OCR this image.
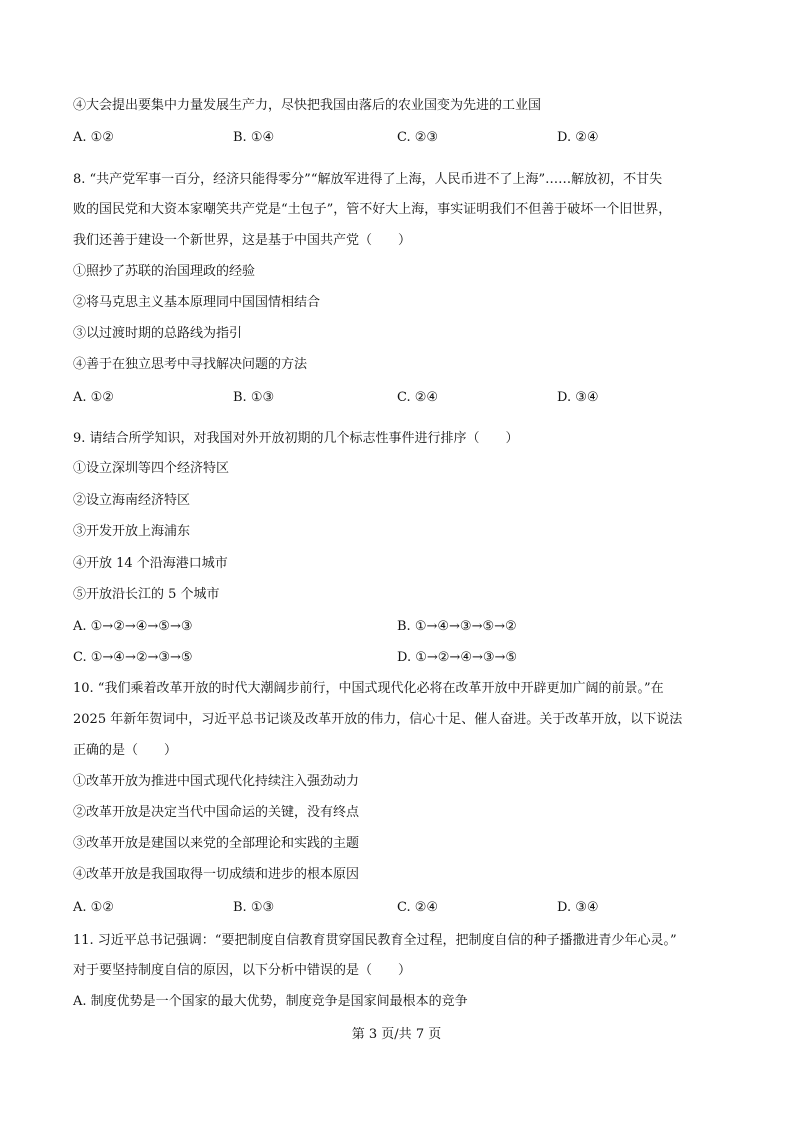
④大会提出要集中力量发展生产力，尽快把我国由落后的农业国变为先进的工业国
A. ①②	B. ①④	C. ②③	D. ②④
8. “共产党军事一百分，经济只能得零分”“解放军进得了上海，人民币进不了上海”……解放初，不甘失
败的国民党和大资本家嘲笑共产党是“土包子”，管不好大上海，事实证明我们不但善于破坏一个旧世界，
我们还善于建设一个新世界，这是基于中国共产党（　　）
①照抄了苏联的治国理政的经验
②将马克思主义基本原理同中国国情相结合
③以过渡时期的总路线为指引
④善于在独立思考中寻找解决问题的方法
A. ①②	B. ①③	C. ②④	D. ③④
9. 请结合所学知识，对我国对外开放初期的几个标志性事件进行排序（　　）
①设立深圳等四个经济特区
②设立海南经济特区
③开发开放上海浦东
④开放 14 个沿海港口城市
⑤开放沿长江的 5 个城市
A. ①→②→④→⑤→③	B. ①→④→③→⑤→②
C. ①→④→②→③→⑤	D. ①→②→④→③→⑤
10. “我们乘着改革开放的时代大潮阔步前行，中国式现代化必将在改革开放中开辟更加广阔的前景。”在
2025 年新年贺词中，习近平总书记谈及改革开放的伟力，信心十足、催人奋进。关于改革开放，以下说法
正确的是（　　）
①改革开放为推进中国式现代化持续注入强劲动力
②改革开放是决定当代中国命运的关键，没有终点
③改革开放是建国以来党的全部理论和实践的主题
④改革开放是我国取得一切成绩和进步的根本原因
A. ①②	B. ①③	C. ②④	D. ③④
11. 习近平总书记强调：“要把制度自信教育贯穿国民教育全过程，把制度自信的种子播撒进青少年心灵。”
对于要坚持制度自信的原因，以下分析中错误的是（　　）
A. 制度优势是一个国家的最大优势，制度竞争是国家间最根本的竞争
第 3 页/共 7 页
